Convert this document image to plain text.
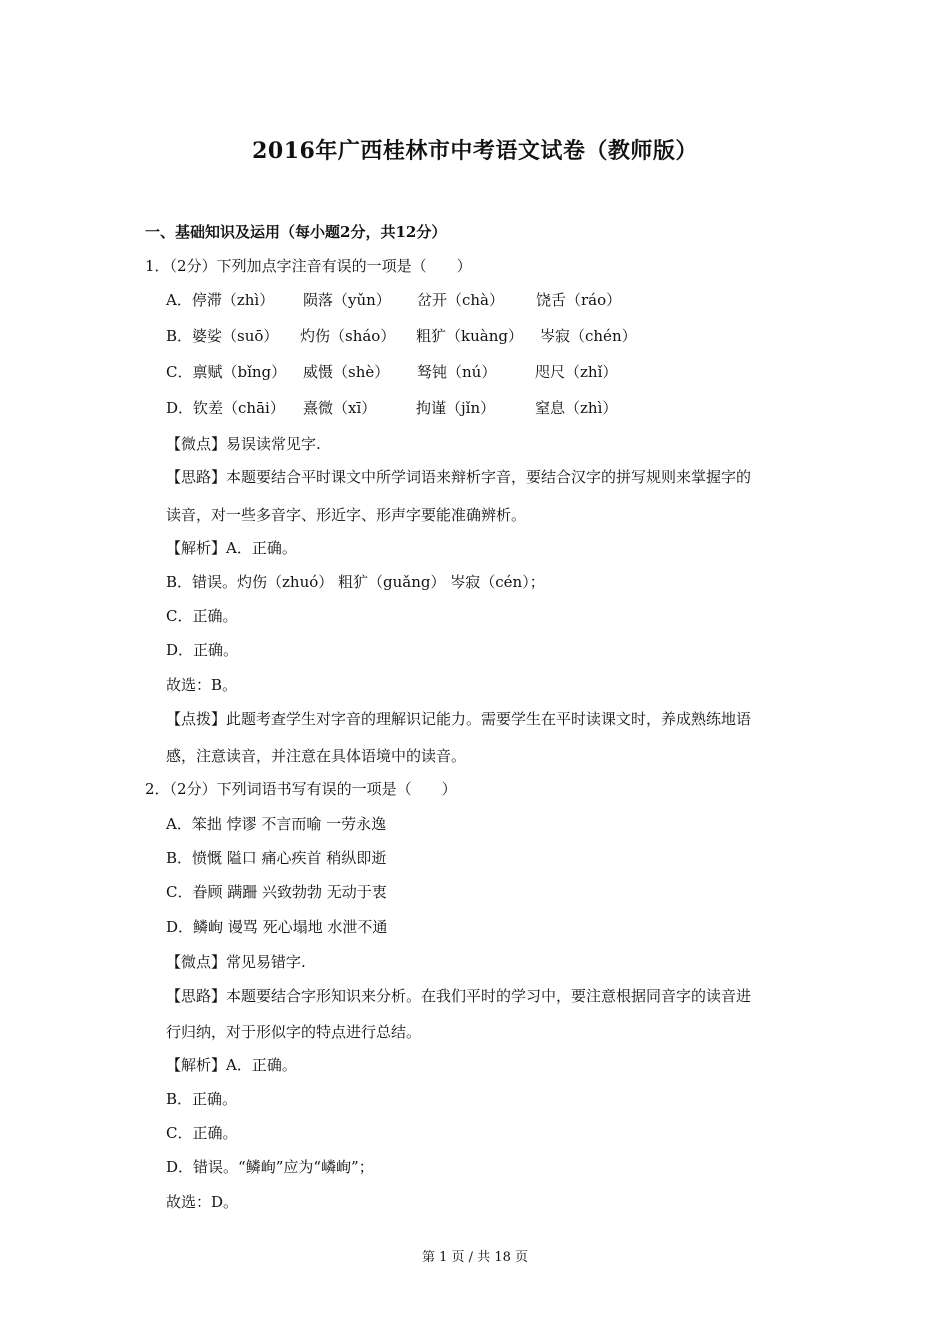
2016年广西桂林市中考语文试卷（教师版）
一、基础知识及运用（每小题2分，共12分）
1．（2分）下列加点字注音有误的一项是（　　）
A．停滞（zhì） 陨落（yǔn） 岔开（chà） 饶舌（ráo）
B．婆娑（suō） 灼伤（sháo） 粗犷（kuàng） 岑寂（chén）
C．禀赋（bǐng） 威慑（shè） 驽钝（nú）	咫尺（zhǐ）
D．钦差（chāi） 熹微（xī）	拘谨（jǐn）	窒息（zhì）
【微点】易误读常见字.
【思路】本题要结合平时课文中所学词语来辩析字音，要结合汉字的拼写规则来掌握字的
读音，对一些多音字、形近字、形声字要能准确辨析。
【解析】A．正确。
B．错误。灼伤（zhuó） 粗犷（guǎng） 岑寂（cén）；
C．正确。
D．正确。
故选：B。
【点拨】此题考查学生对字音的理解识记能力。需要学生在平时读课文时，养成熟练地语
感，注意读音，并注意在具体语境中的读音。
2．（2分）下列词语书写有误的一项是（　　）
A．笨拙 悖谬 不言而喻 一劳永逸
B．愤慨 隘口 痛心疾首 稍纵即逝
C．眷顾 蹒跚 兴致勃勃 无动于衷
D．鳞峋 谩骂 死心塌地 水泄不通
【微点】常见易错字.
【思路】本题要结合字形知识来分析。在我们平时的学习中，要注意根据同音字的读音进
行归纳，对于形似字的特点进行总结。
【解析】A．正确。
B．正确。
C．正确。
D．错误。“鳞峋”应为“嶙峋”；
故选：D。
第 1 页 / 共 18 页
